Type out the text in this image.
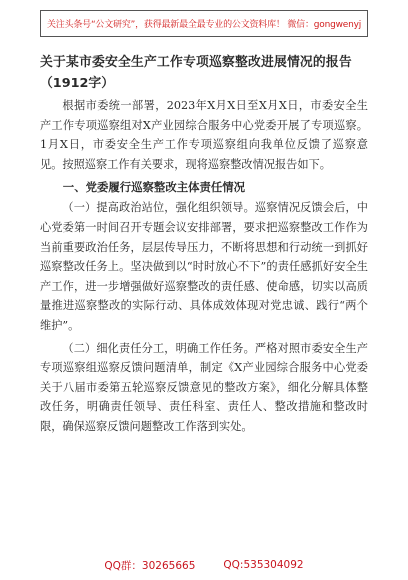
关注头条号“公文研究”，获得最新最全最专业的公文资料库！ 微信：gongwenyj
关于某市委安全生产工作专项巡察整改进展情况的报告
（1912字）

根据市委统一部署，2023年X月X日至X月X日，市委安全生产工作专项巡察组对X产业园综合服务中心党委开展了专项巡察。1月X日，市委安全生产工作专项巡察组向我单位反馈了巡察意见。按照巡察工作有关要求，现将巡察整改情况报告如下。

一、党委履行巡察整改主体责任情况

（一）提高政治站位，强化组织领导。巡察情况反馈会后，中心党委第一时间召开专题会议安排部署，要求把巡察整改工作作为当前重要政治任务，层层传导压力，不断将思想和行动统一到抓好巡察整改任务上。坚决做到以“时时放心不下”的责任感抓好安全生产工作，进一步增强做好巡察整改的责任感、使命感，切实以高质量推进巡察整改的实际行动、具体成效体现对党忠诚、践行“两个维护”。

（二）细化责任分工，明确工作任务。严格对照市委安全生产专项巡察组巡察反馈问题清单，制定《X产业园综合服务中心党委关于八届市委第五轮巡察反馈意见的整改方案》，细化分解具体整改任务，明确责任领导、责任科室、责任人、整改措施和整改时限，确保巡察反馈问题整改工作落到实处。

QQ群：30265665	QQ:535304092
